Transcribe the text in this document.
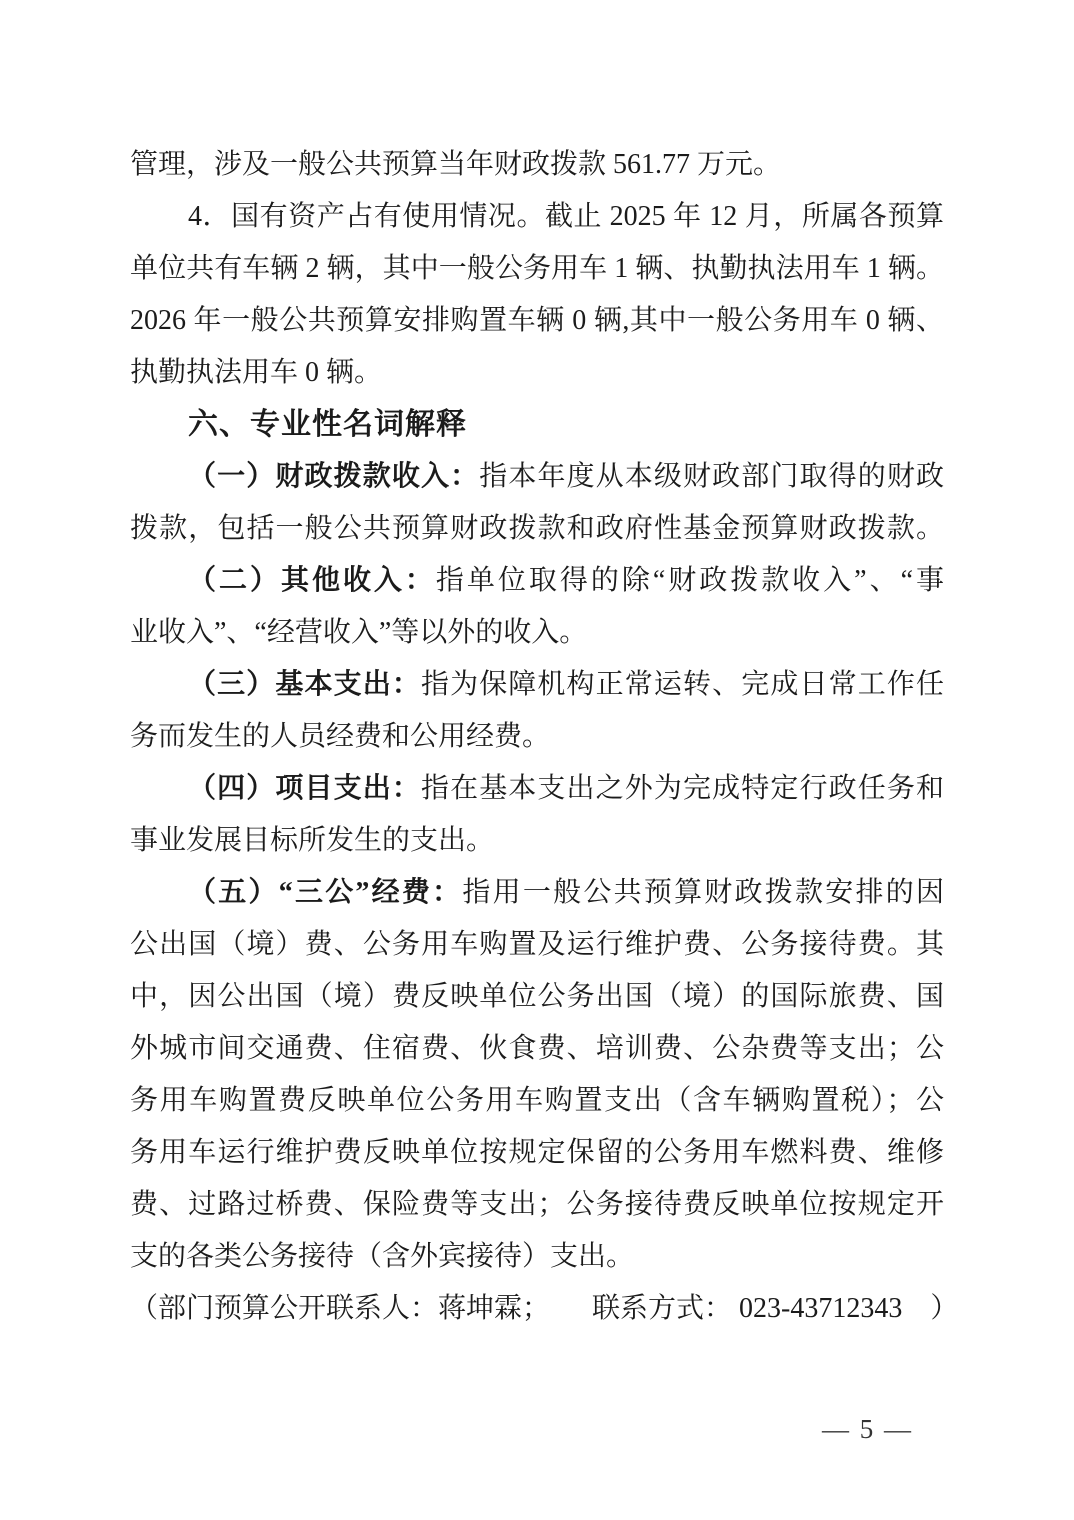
管理，涉及一般公共预算当年财政拨款 561.77 万元。
4．国有资产占有使用情况。截止 2025 年 12 月，所属各预算
单位共有车辆 2 辆，其中一般公务用车 1 辆、执勤执法用车 1 辆。
2026 年一般公共预算安排购置车辆 0 辆,其中一般公务用车 0 辆、
执勤执法用车 0 辆。
六、专业性名词解释
（一）财政拨款收入：指本年度从本级财政部门取得的财政
拨款，包括一般公共预算财政拨款和政府性基金预算财政拨款。
（二）其他收入：指单位取得的除“财政拨款收入”、“事
业收入”、“经营收入”等以外的收入。
（三）基本支出：指为保障机构正常运转、完成日常工作任
务而发生的人员经费和公用经费。
（四）项目支出：指在基本支出之外为完成特定行政任务和
事业发展目标所发生的支出。
（五）“三公”经费：指用一般公共预算财政拨款安排的因
公出国（境）费、公务用车购置及运行维护费、公务接待费。其
中，因公出国（境）费反映单位公务出国（境）的国际旅费、国
外城市间交通费、住宿费、伙食费、培训费、公杂费等支出；公
务用车购置费反映单位公务用车购置支出（含车辆购置税）；公
务用车运行维护费反映单位按规定保留的公务用车燃料费、维修
费、过路过桥费、保险费等支出；公务接待费反映单位按规定开
支的各类公务接待（含外宾接待）支出。
（部门预算公开联系人：蒋坤霖；　　联系方式： 023-43712343　）
— 5 —
